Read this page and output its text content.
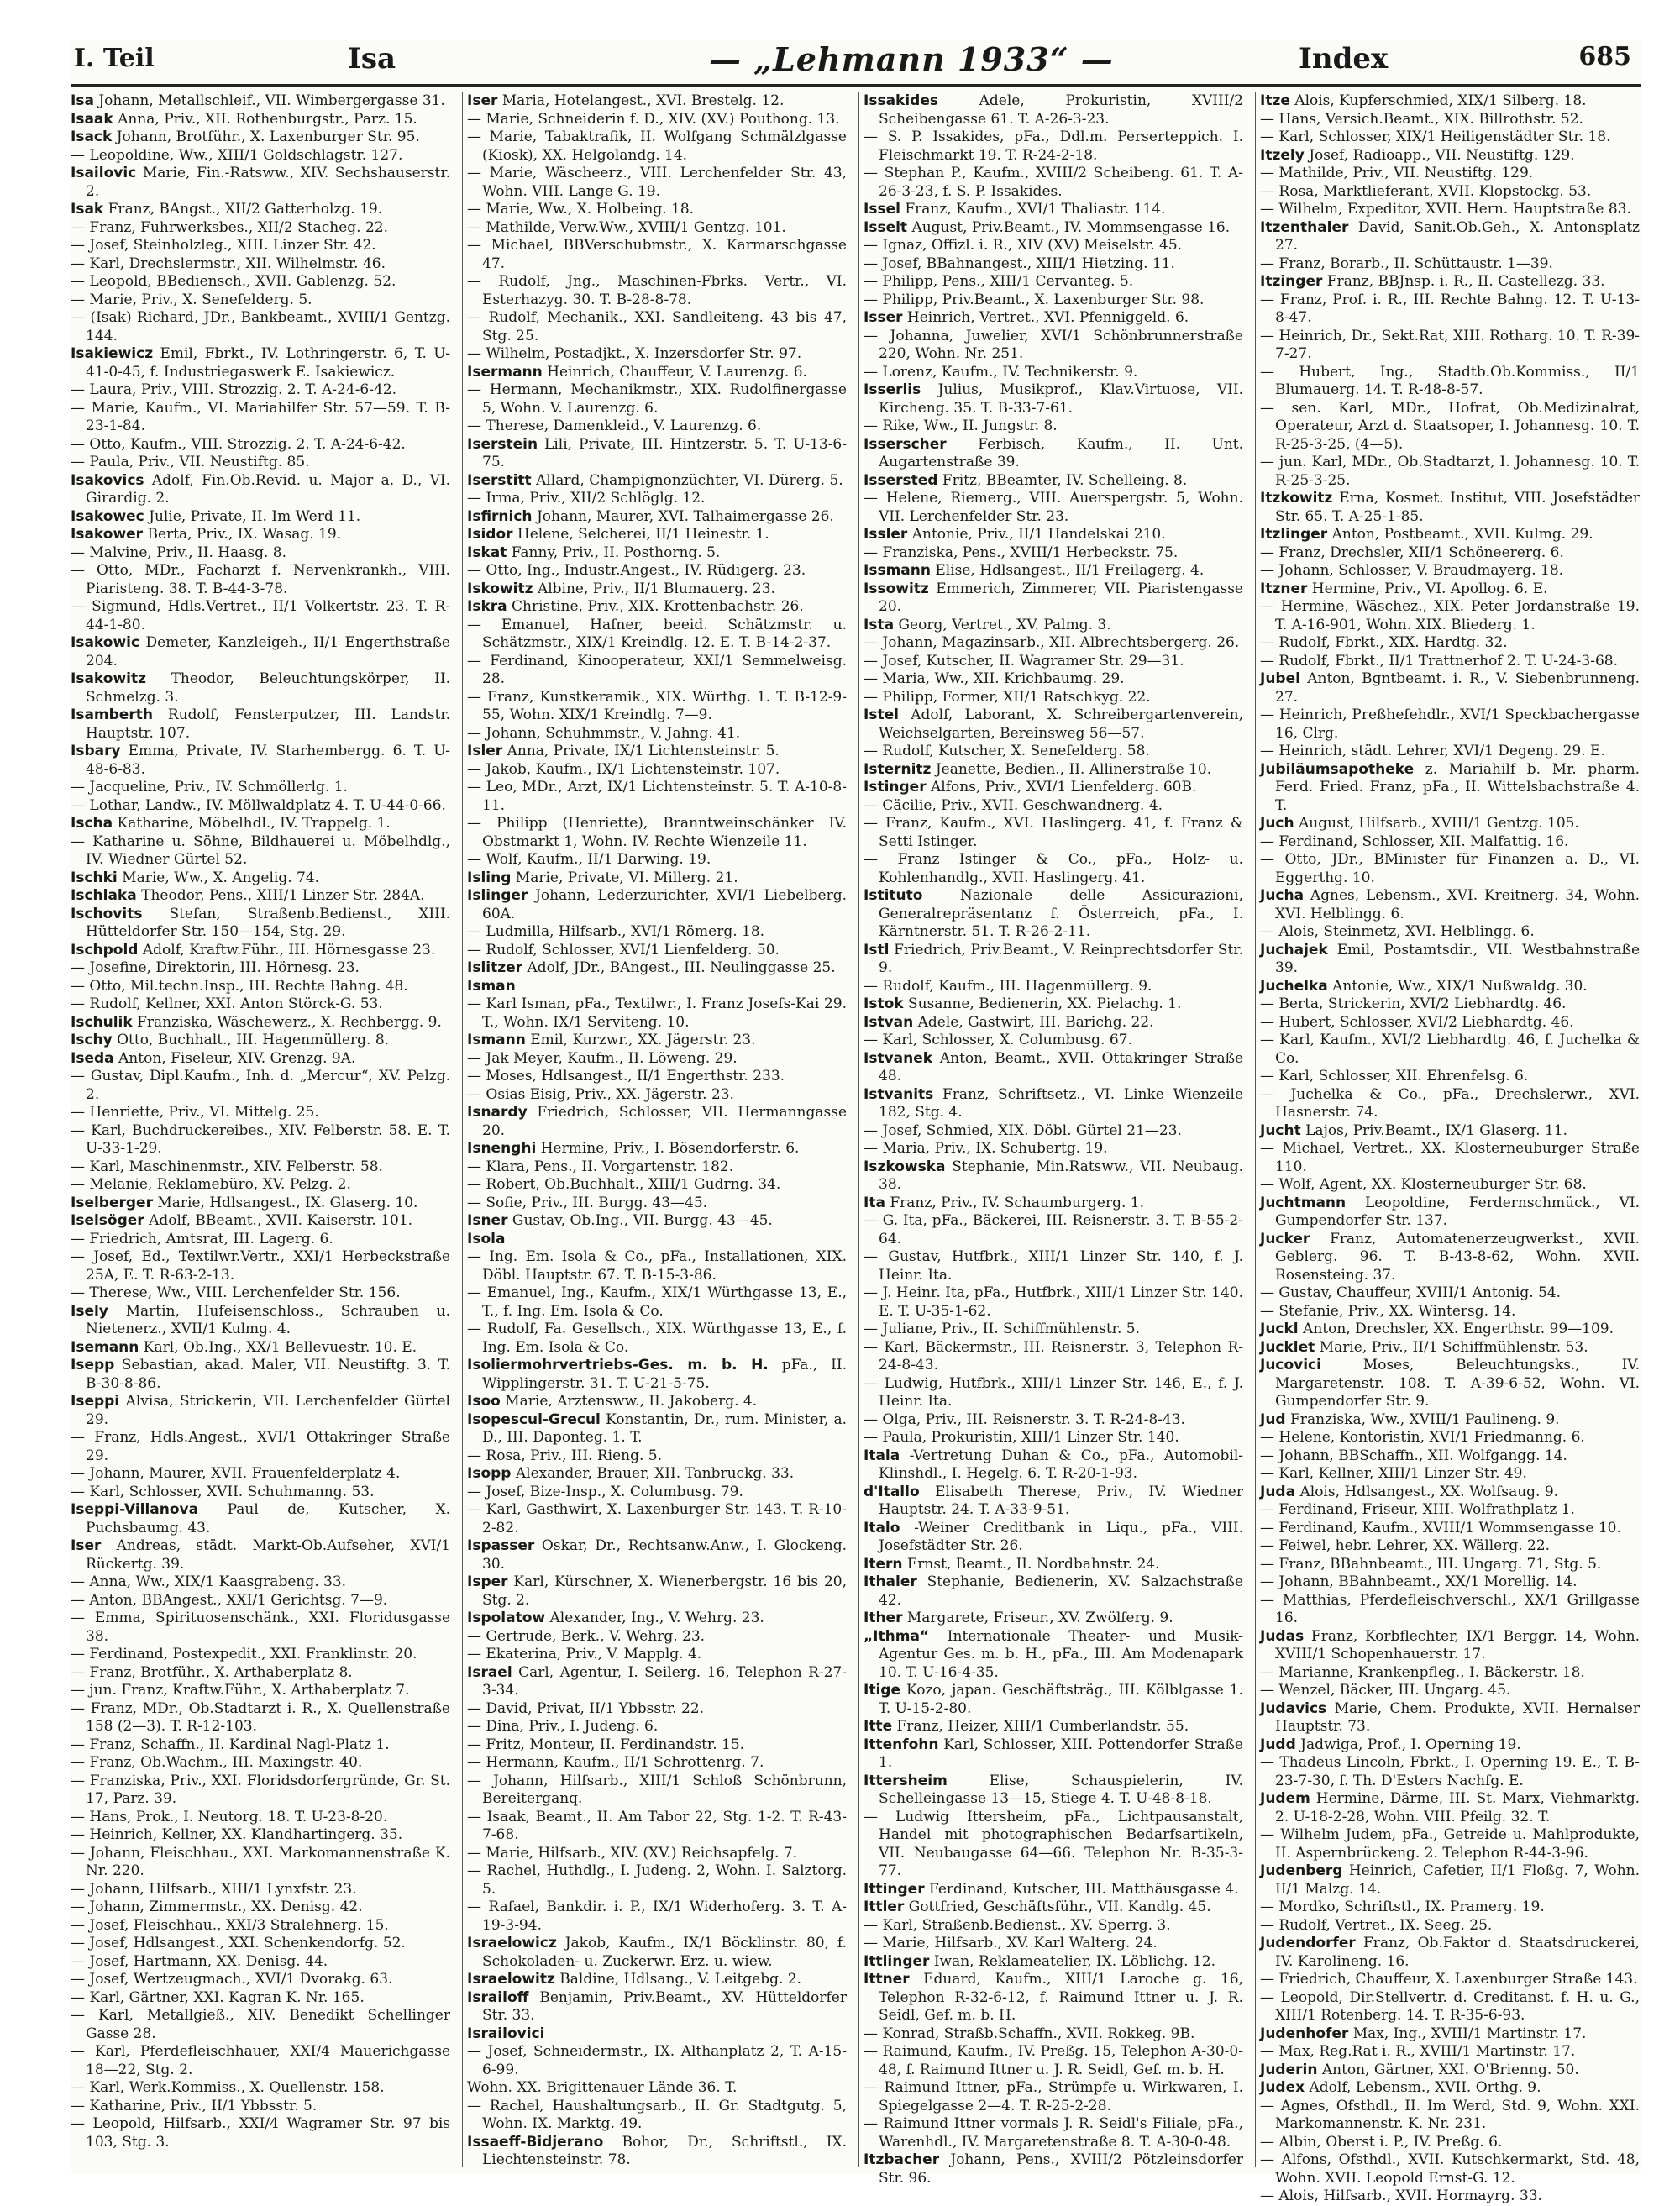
I. Teil	Isa	— „Lehmann 1933“ —	Index	685

Isa Johann, Metallschleif., VII. Wimbergergasse 31.

Isaak Anna, Priv., XII. Rothenburgstr., Parz. 15.

Isack Johann, Brotführ., X. Laxenburger Str. 95.

— Leopoldine, Ww., XIII/1 Goldschlagstr. 127.

Isailovic Marie, Fin.-Ratsww., XIV. Sechshauserstr. 2.

Isak Franz, BAngst., XII/2 Gatterholzg. 19.

— Franz, Fuhrwerksbes., XII/2 Stacheg. 22.

— Josef, Steinholzleg., XIII. Linzer Str. 42.

— Karl, Drechslermstr., XII. Wilhelmstr. 46.

— Leopold, BBediensch., XVII. Gablenzg. 52.

— Marie, Priv., X. Senefelderg. 5.

— (Isak) Richard, JDr., Bankbeamt., XVIII/1 Gentzg. 144.

Isakiewicz Emil, Fbrkt., IV. Lothringerstr. 6, T. U-41-0-45, f. Industriegaswerk E. Isakiewicz.

— Laura, Priv., VIII. Strozzig. 2. T. A-24-6-42.

— Marie, Kaufm., VI. Mariahilfer Str. 57—59. T. B-23-1-84.

— Otto, Kaufm., VIII. Strozzig. 2. T. A-24-6-42.

— Paula, Priv., VII. Neustiftg. 85.

Isakovics Adolf, Fin.Ob.Revid. u. Major a. D., VI. Girardig. 2.

Isakowec Julie, Private, II. Im Werd 11.

Isakower Berta, Priv., IX. Wasag. 19.

— Malvine, Priv., II. Haasg. 8.

— Otto, MDr., Facharzt f. Nervenkrankh., VIII. Piaristeng. 38. T. B-44-3-78.

— Sigmund, Hdls.Vertret., II/1 Volkertstr. 23. T. R-44-1-80.

Isakowic Demeter, Kanzleigeh., II/1 Engerthstraße 204.

Isakowitz Theodor, Beleuchtungskörper, II. Schmelzg. 3.

Isamberth Rudolf, Fensterputzer, III. Landstr. Hauptstr. 107.

Isbary Emma, Private, IV. Starhembergg. 6. T. U-48-6-83.

— Jacqueline, Priv., IV. Schmöllerlg. 1.

— Lothar, Landw., IV. Möllwaldplatz 4. T. U-44-0-66.

Ischa Katharine, Möbelhdl., IV. Trappelg. 1.

— Katharine u. Söhne, Bildhauerei u. Möbelhdlg., IV. Wiedner Gürtel 52.

Ischki Marie, Ww., X. Angelig. 74.

Ischlaka Theodor, Pens., XIII/1 Linzer Str. 284A.

Ischovits Stefan, Straßenb.Bedienst., XIII. Hütteldorfer Str. 150—154, Stg. 29.

Ischpold Adolf, Kraftw.Führ., III. Hörnesgasse 23.

— Josefine, Direktorin, III. Hörnesg. 23.

— Otto, Mil.techn.Insp., III. Rechte Bahng. 48.

— Rudolf, Kellner, XXI. Anton Störck-G. 53.

Ischulik Franziska, Wäschewerz., X. Rechbergg. 9.

Ischy Otto, Buchhalt., III. Hagenmüllerg. 8.

Iseda Anton, Fiseleur, XIV. Grenzg. 9A.

— Gustav, Dipl.Kaufm., Inh. d. „Mercur“, XV. Pelzg. 2.

— Henriette, Priv., VI. Mittelg. 25.

— Karl, Buchdruckereibes., XIV. Felberstr. 58. E. T. U-33-1-29.

— Karl, Maschinenmstr., XIV. Felberstr. 58.

— Melanie, Reklamebüro, XV. Pelzg. 2.

Iselberger Marie, Hdlsangest., IX. Glaserg. 10.

Iselsöger Adolf, BBeamt., XVII. Kaiserstr. 101.

— Friedrich, Amtsrat, III. Lagerg. 6.

— Josef, Ed., Textilwr.Vertr., XXI/1 Herbeckstraße 25A, E. T. R-63-2-13.

— Therese, Ww., VIII. Lerchenfelder Str. 156.

Isely Martin, Hufeisenschloss., Schrauben u. Nietenerz., XVII/1 Kulmg. 4.

Isemann Karl, Ob.Ing., XX/1 Bellevuestr. 10. E.

Isepp Sebastian, akad. Maler, VII. Neustiftg. 3. T. B-30-8-86.

Iseppi Alvisa, Strickerin, VII. Lerchenfelder Gürtel 29.

— Franz, Hdls.Angest., XVI/1 Ottakringer Straße 29.

— Johann, Maurer, XVII. Frauenfelderplatz 4.

— Karl, Schlosser, XVII. Schuhmanng. 53.

Iseppi-Villanova Paul de, Kutscher, X. Puchsbaumg. 43.

Iser Andreas, städt. Markt-Ob.Aufseher, XVI/1 Rückertg. 39.

— Anna, Ww., XIX/1 Kaasgrabeng. 33.

— Anton, BBAngest., XXI/1 Gerichtsg. 7—9.

— Emma, Spirituosenschänk., XXI. Floridusgasse 38.

— Ferdinand, Postexpedit., XXI. Franklinstr. 20.

— Franz, Brotführ., X. Arthaberplatz 8.

— jun. Franz, Kraftw.Führ., X. Arthaberplatz 7.

— Franz, MDr., Ob.Stadtarzt i. R., X. Quellenstraße 158 (2—3). T. R-12-103.

— Franz, Schaffn., II. Kardinal Nagl-Platz 1.

— Franz, Ob.Wachm., III. Maxingstr. 40.

— Franziska, Priv., XXI. Floridsdorfergründe, Gr. St. 17, Parz. 39.

— Hans, Prok., I. Neutorg. 18. T. U-23-8-20.

— Heinrich, Kellner, XX. Klandhartingerg. 35.

— Johann, Fleischhau., XXI. Markomannenstraße K. Nr. 220.

— Johann, Hilfsarb., XIII/1 Lynxfstr. 23.

— Johann, Zimmermstr., XX. Denisg. 42.

— Josef, Fleischhau., XXI/3 Stralehnerg. 15.

— Josef, Hdlsangest., XXI. Schenkendorfg. 52.

— Josef, Hartmann, XX. Denisg. 44.

— Josef, Wertzeugmach., XVI/1 Dvorakg. 63.

— Karl, Gärtner, XXI. Kagran K. Nr. 165.

— Karl, Metallgieß., XIV. Benedikt Schellinger Gasse 28.

— Karl, Pferdefleischhauer, XXI/4 Mauerichgasse 18—22, Stg. 2.

— Karl, Werk.Kommiss., X. Quellenstr. 158.

— Katharine, Priv., II/1 Ybbsstr. 5.

— Leopold, Hilfsarb., XXI/4 Wagramer Str. 97 bis 103, Stg. 3.

Iser Maria, Hotelangest., XVI. Brestelg. 12.

— Marie, Schneiderin f. D., XIV. (XV.) Pouthong. 13.

— Marie, Tabaktrafik, II. Wolfgang Schmälzlgasse (Kiosk), XX. Helgolandg. 14.

— Marie, Wäscheerz., VIII. Lerchenfelder Str. 43, Wohn. VIII. Lange G. 19.

— Marie, Ww., X. Holbeing. 18.

— Mathilde, Verw.Ww., XVIII/1 Gentzg. 101.

— Michael, BBVerschubmstr., X. Karmarschgasse 47.

— Rudolf, Jng., Maschinen-Fbrks. Vertr., VI. Esterhazyg. 30. T. B-28-8-78.

— Rudolf, Mechanik., XXI. Sandleiteng. 43 bis 47, Stg. 25.

— Wilhelm, Postadjkt., X. Inzersdorfer Str. 97.

Isermann Heinrich, Chauffeur, V. Laurenzg. 6.

— Hermann, Mechanikmstr., XIX. Rudolfinergasse 5, Wohn. V. Laurenzg. 6.

— Therese, Damenkleid., V. Laurenzg. 6.

Iserstein Lili, Private, III. Hintzerstr. 5. T. U-13-6-75.

Iserstitt Allard, Champignonzüchter, VI. Dürerg. 5.

— Irma, Priv., XII/2 Schlöglg. 12.

Isfirnich Johann, Maurer, XVI. Talhaimergasse 26.

Isidor Helene, Selcherei, II/1 Heinestr. 1.

Iskat Fanny, Priv., II. Posthorng. 5.

— Otto, Ing., Industr.Angest., IV. Rüdigerg. 23.

Iskowitz Albine, Priv., II/1 Blumauerg. 23.

Iskra Christine, Priv., XIX. Krottenbachstr. 26.

— Emanuel, Hafner, beeid. Schätzmstr. u. Schätzmstr., XIX/1 Kreindlg. 12. E. T. B-14-2-37.

— Ferdinand, Kinooperateur, XXI/1 Semmelweisg. 28.

— Franz, Kunstkeramik., XIX. Würthg. 1. T. B-12-9-55, Wohn. XIX/1 Kreindlg. 7—9.

— Johann, Schuhmmstr., V. Jahng. 41.

Isler Anna, Private, IX/1 Lichtensteinstr. 5.

— Jakob, Kaufm., IX/1 Lichtensteinstr. 107.

— Leo, MDr., Arzt, IX/1 Lichtensteinstr. 5. T. A-10-8-11.

— Philipp (Henriette), Branntweinschänker IV. Obstmarkt 1, Wohn. IV. Rechte Wienzeile 11.

— Wolf, Kaufm., II/1 Darwing. 19.

Isling Marie, Private, VI. Millerg. 21.

Islinger Johann, Lederzurichter, XVI/1 Liebelberg. 60A.

— Ludmilla, Hilfsarb., XVI/1 Römerg. 18.

— Rudolf, Schlosser, XVI/1 Lienfelderg. 50.

Islitzer Adolf, JDr., BAngest., III. Neulinggasse 25.

Isman

— Karl Isman, pFa., Textilwr., I. Franz Josefs-Kai 29. T., Wohn. IX/1 Serviteng. 10.

Ismann Emil, Kurzwr., XX. Jägerstr. 23.

— Jak Meyer, Kaufm., II. Löweng. 29.

— Moses, Hdlsangest., II/1 Engerthstr. 233.

— Osias Eisig, Priv., XX. Jägerstr. 23.

Isnardy Friedrich, Schlosser, VII. Hermanngasse 20.

Isnenghi Hermine, Priv., I. Bösendorferstr. 6.

— Klara, Pens., II. Vorgartenstr. 182.

— Robert, Ob.Buchhalt., XIII/1 Gudrng. 34.

— Sofie, Priv., III. Burgg. 43—45.

Isner Gustav, Ob.Ing., VII. Burgg. 43—45.

Isola

— Ing. Em. Isola & Co., pFa., Installationen, XIX. Döbl. Hauptstr. 67. T. B-15-3-86.

— Emanuel, Ing., Kaufm., XIX/1 Würthgasse 13, E., T., f. Ing. Em. Isola & Co.

— Rudolf, Fa. Gesellsch., XIX. Würthgasse 13, E., f. Ing. Em. Isola & Co.

Isoliermohrvertriebs-Ges. m. b. H. pFa., II. Wipplingerstr. 31. T. U-21-5-75.

Isoo Marie, Arztensww., II. Jakoberg. 4.

Isopescul-Grecul Konstantin, Dr., rum. Minister, a. D., III. Daponteg. 1. T.

— Rosa, Priv., III. Rieng. 5.

Isopp Alexander, Brauer, XII. Tanbruckg. 33.

— Josef, Bize-Insp., X. Columbusg. 79.

— Karl, Gasthwirt, X. Laxenburger Str. 143. T. R-10-2-82.

Ispasser Oskar, Dr., Rechtsanw.Anw., I. Glockeng. 30.

Isper Karl, Kürschner, X. Wienerbergstr. 16 bis 20, Stg. 2.

Ispolatow Alexander, Ing., V. Wehrg. 23.

— Gertrude, Berk., V. Wehrg. 23.

— Ekaterina, Priv., V. Mapplg. 4.

Israel Carl, Agentur, I. Seilerg. 16, Telephon R-27-3-34.

— David, Privat, II/1 Ybbsstr. 22.

— Dina, Priv., I. Judeng. 6.

— Fritz, Monteur, II. Ferdinandstr. 15.

— Hermann, Kaufm., II/1 Schrottenrg. 7.

— Johann, Hilfsarb., XIII/1 Schloß Schönbrunn, Bereiterganq.

— Isaak, Beamt., II. Am Tabor 22, Stg. 1-2. T. R-43-7-68.

— Marie, Hilfsarb., XIV. (XV.) Reichsapfelg. 7.

— Rachel, Huthdlg., I. Judeng. 2, Wohn. I. Salztorg. 5.

— Rafael, Bankdir. i. P., IX/1 Widerhoferg. 3. T. A-19-3-94.

Israelowicz Jakob, Kaufm., IX/1 Böcklinstr. 80, f. Schokoladen- u. Zuckerwr. Erz. u. wiew.

Israelowitz Baldine, Hdlsang., V. Leitgebg. 2.

Israiloff Benjamin, Priv.Beamt., XV. Hütteldorfer Str. 33.

Israilovici

— Josef, Schneidermstr., IX. Althanplatz 2, T. A-15-6-99.

Wohn. XX. Brigittenauer Lände 36. T.

— Rachel, Haushaltungsarb., II. Gr. Stadtgutg. 5, Wohn. IX. Marktg. 49.

Issaeff-Bidjerano Bohor, Dr., Schriftstl., IX. Liechtensteinstr. 78.

Issakides	Adele, Prokuristin, XVIII/2 Scheibengasse 61. T. A-26-3-23.

— S. P. Issakides, pFa., Ddl.m. Perserteppich. I. Fleischmarkt 19. T. R-24-2-18.

— Stephan P., Kaufm., XVIII/2 Scheibeng. 61. T. A-26-3-23, f. S. P. Issakides.

Issel Franz, Kaufm., XVI/1 Thaliastr. 114.

Isselt August, Priv.Beamt., IV. Mommsengasse 16.

— Ignaz, Offizl. i. R., XIV (XV) Meiselstr. 45.

— Josef, BBahnangest., XIII/1 Hietzing. 11.

— Philipp, Pens., XIII/1 Cervanteg. 5.

— Philipp, Priv.Beamt., X. Laxenburger Str. 98.

Isser Heinrich, Vertret., XVI. Pfenniggeld. 6.

— Johanna, Juwelier, XVI/1 Schönbrunnerstraße 220, Wohn. Nr. 251.

— Lorenz, Kaufm., IV. Technikerstr. 9.

Isserlis Julius, Musikprof., Klav.Virtuose, VII. Kircheng. 35. T. B-33-7-61.

— Rike, Ww., II. Jungstr. 8.

Isserscher Ferbisch, Kaufm., II. Unt. Augartenstraße 39.

Issersted Fritz, BBeamter, IV. Schelleing. 8.

— Helene, Riemerg., VIII. Auerspergstr. 5, Wohn. VII. Lerchenfelder Str. 23.

Issler Antonie, Priv., II/1 Handelskai 210.

— Franziska, Pens., XVIII/1 Herbeckstr. 75.

Issmann Elise, Hdlsangest., II/1 Freilagerg. 4.

Issowitz Emmerich, Zimmerer, VII. Piaristengasse 20.

Ista Georg, Vertret., XV. Palmg. 3.

— Johann, Magazinsarb., XII. Albrechtsbergerg. 26.

— Josef, Kutscher, II. Wagramer Str. 29—31.

— Maria, Ww., XII. Krichbaumg. 29.

— Philipp, Former, XII/1 Ratschkyg. 22.

Istel Adolf, Laborant, X. Schreibergartenverein, Weichselgarten, Bereinsweg 56—57.

— Rudolf, Kutscher, X. Senefelderg. 58.

Isternitz Jeanette, Bedien., II. Allinerstraße 10.

Istinger Alfons, Priv., XVI/1 Lienfelderg. 60B.

— Cäcilie, Priv., XVII. Geschwandnerg. 4.

— Franz, Kaufm., XVI. Haslingerg. 41, f. Franz & Setti Istinger.

— Franz Istinger & Co., pFa., Holz- u. Kohlenhandlg., XVII. Haslingerg. 41.

Istituto	Nazionale delle Assicurazioni, Generalrepräsentanz f. Österreich, pFa., I. Kärntnerstr. 51. T. R-26-2-11.

Istl Friedrich, Priv.Beamt., V. Reinprechtsdorfer Str. 9.

— Rudolf, Kaufm., III. Hagenmüllerg. 9.

Istok Susanne, Bedienerin, XX. Pielachg. 1.

Istvan Adele, Gastwirt, III. Barichg. 22.

— Karl, Schlosser, X. Columbusg. 67.

Istvanek Anton, Beamt., XVII. Ottakringer Straße 48.

Istvanits Franz, Schriftsetz., VI. Linke Wienzeile 182, Stg. 4.

— Josef, Schmied, XIX. Döbl. Gürtel 21—23.

— Maria, Priv., IX. Schubertg. 19.

Iszkowska Stephanie, Min.Ratsww., VII. Neubaug. 38.

Ita Franz, Priv., IV. Schaumburgerg. 1.

— G. Ita, pFa., Bäckerei, III. Reisnerstr. 3. T. B-55-2-64.

— Gustav, Hutfbrk., XIII/1 Linzer Str. 140, f. J. Heinr. Ita.

— J. Heinr. Ita, pFa., Hutfbrk., XIII/1 Linzer Str. 140. E. T. U-35-1-62.

— Juliane, Priv., II. Schiffmühlenstr. 5.

— Karl, Bäckermstr., III. Reisnerstr. 3, Telephon R-24-8-43.

— Ludwig, Hutfbrk., XIII/1 Linzer Str. 146, E., f. J. Heinr. Ita.

— Olga, Priv., III. Reisnerstr. 3. T. R-24-8-43.

— Paula, Prokuristin, XIII/1 Linzer Str. 140.

Itala -Vertretung Duhan & Co., pFa., Automobil-Klinshdl., I. Hegelg. 6. T. R-20-1-93.

d'Itallo Elisabeth Therese, Priv., IV. Wiedner Hauptstr. 24. T. A-33-9-51.

Italo -Weiner Creditbank in Liqu., pFa., VIII. Josefstädter Str. 26.

Itern Ernst, Beamt., II. Nordbahnstr. 24.

Ithaler Stephanie, Bedienerin, XV. Salzachstraße 42.

Ither Margarete, Friseur., XV. Zwölferg. 9.

„Ithma“ Internationale Theater- und Musik-Agentur Ges. m. b. H., pFa., III. Am Modenapark 10. T. U-16-4-35.

Itige Kozo, japan. Geschäftsträg., III. Kölblgasse 1. T. U-15-2-80.

Itte Franz, Heizer, XIII/1 Cumberlandstr. 55.

Ittenfohn Karl, Schlosser, XIII. Pottendorfer Straße 1.

Ittersheim	Elise, Schauspielerin, IV. Schelleingasse 13—15, Stiege 4. T. U-48-8-18.

— Ludwig Ittersheim, pFa., Lichtpausanstalt, Handel mit photographischen Bedarfsartikeln, VII. Neubaugasse 64—66. Telephon Nr. B-35-3-77.

Ittinger Ferdinand, Kutscher, III. Matthäusgasse 4.

Ittler Gottfried, Geschäftsführ., VII. Kandlg. 45.

— Karl, Straßenb.Bedienst., XV. Sperrg. 3.

— Marie, Hilfsarb., XV. Karl Walterg. 24.

Ittlinger Iwan, Reklameatelier, IX. Löblichg. 12.

Ittner Eduard, Kaufm., XIII/1 Laroche g. 16, Telephon R-32-6-12, f. Raimund Ittner u. J. R. Seidl, Gef. m. b. H.

— Konrad, Straßb.Schaffn., XVII. Rokkeg. 9B.

— Raimund, Kaufm., IV. Preßg. 15, Telephon A-30-0-48, f. Raimund Ittner u. J. R. Seidl, Gef. m. b. H.

— Raimund Ittner, pFa., Strümpfe u. Wirkwaren, I. Spiegelgasse 2—4. T. R-25-2-28.

— Raimund Ittner vormals J. R. Seidl's Filiale, pFa., Warenhdl., IV. Margaretenstraße 8. T. A-30-0-48.

Itzbacher Johann, Pens., XVIII/2 Pötzleinsdorfer Str. 96.

Itze Alois, Kupferschmied, XIX/1 Silberg. 18.

— Hans, Versich.Beamt., XIX. Billrothstr. 52.

— Karl, Schlosser, XIX/1 Heiligenstädter Str. 18.

Itzely Josef, Radioapp., VII. Neustiftg. 129.

— Mathilde, Priv., VII. Neustiftg. 129.

— Rosa, Marktlieferant, XVII. Klopstockg. 53.

— Wilhelm, Expeditor, XVII. Hern. Hauptstraße 83.

Itzenthaler David, Sanit.Ob.Geh., X. Antonsplatz 27.

— Franz, Borarb., II. Schüttaustr. 1—39.

Itzinger Franz, BBJnsp. i. R., II. Castellezg. 33.

— Franz, Prof. i. R., III. Rechte Bahng. 12. T. U-13-8-47.

— Heinrich, Dr., Sekt.Rat, XIII. Rotharg. 10. T. R-39-7-27.

— Hubert, Ing., Stadtb.Ob.Kommiss., II/1 Blumauerg. 14. T. R-48-8-57.

— sen. Karl, MDr., Hofrat, Ob.Medizinalrat, Operateur, Arzt d. Staatsoper, I. Johannesg. 10. T. R-25-3-25, (4—5).

— jun. Karl, MDr., Ob.Stadtarzt, I. Johannesg. 10. T. R-25-3-25.

Itzkowitz Erna, Kosmet. Institut, VIII. Josefstädter Str. 65. T. A-25-1-85.

Itzlinger Anton, Postbeamt., XVII. Kulmg. 29.

— Franz, Drechsler, XII/1 Schöneererg. 6.

— Johann, Schlosser, V. Braudmayerg. 18.

Itzner Hermine, Priv., VI. Apollog. 6. E.

— Hermine, Wäschez., XIX. Peter Jordanstraße 19. T. A-16-901, Wohn. XIX. Bliederg. 1.

— Rudolf, Fbrkt., XIX. Hardtg. 32.

— Rudolf, Fbrkt., II/1 Trattnerhof 2. T. U-24-3-68.

Jubel Anton, Bgntbeamt. i. R., V. Siebenbrunneng. 27.

— Heinrich, Preßhefehdlr., XVI/1 Speckbachergasse 16, Clrg.

— Heinrich, städt. Lehrer, XVI/1 Degeng. 29. E.

Jubiläumsapotheke z. Mariahilf b. Mr. pharm. Ferd. Fried. Franz, pFa., II. Wittelsbachstraße 4. T.

Juch August, Hilfsarb., XVIII/1 Gentzg. 105.

— Ferdinand, Schlosser, XII. Malfattig. 16.

— Otto, JDr., BMinister für Finanzen a. D., VI. Eggerthg. 10.

Jucha Agnes, Lebensm., XVI. Kreitnerg. 34, Wohn. XVI. Helblingg. 6.

— Alois, Steinmetz, XVI. Helblingg. 6.

Juchajek Emil, Postamtsdir., VII. Westbahnstraße 39.

Juchelka Antonie, Ww., XIX/1 Nußwaldg. 30.

— Berta, Strickerin, XVI/2 Liebhardtg. 46.

— Hubert, Schlosser, XVI/2 Liebhardtg. 46.

— Karl, Kaufm., XVI/2 Liebhardtg. 46, f. Juchelka & Co.

— Karl, Schlosser, XII. Ehrenfelsg. 6.

— Juchelka & Co., pFa., Drechslerwr., XVI. Hasnerstr. 74.

Jucht Lajos, Priv.Beamt., IX/1 Glaserg. 11.

— Michael, Vertret., XX. Klosterneuburger Straße 110.

— Wolf, Agent, XX. Klosterneuburger Str. 68.

Juchtmann Leopoldine, Ferdernschmück., VI. Gumpendorfer Str. 137.

Jucker Franz, Automatenerzeugwerkst., XVII. Geblerg. 96. T. B-43-8-62, Wohn. XVII. Rosensteing. 37.

— Gustav, Chauffeur, XVIII/1 Antonig. 54.

— Stefanie, Priv., XX. Wintersg. 14.

Juckl Anton, Drechsler, XX. Engerthstr. 99—109.

Jucklet Marie, Priv., II/1 Schiffmühlenstr. 53.

Jucovici	Moses, Beleuchtungsks., IV. Margaretenstr. 108. T. A-39-6-52, Wohn. VI. Gumpendorfer Str. 9.

Jud Franziska, Ww., XVIII/1 Paulineng. 9.

— Helene, Kontoristin, XVI/1 Friedmanng. 6.

— Johann, BBSchaffn., XII. Wolfgangg. 14.

— Karl, Kellner, XIII/1 Linzer Str. 49.

Juda Alois, Hdlsangest., XX. Wolfsaug. 9.

— Ferdinand, Friseur, XIII. Wolfrathplatz 1.

— Ferdinand, Kaufm., XVIII/1 Wommsengasse 10.

— Feiwel, hebr. Lehrer, XX. Wällerg. 22.

— Franz, BBahnbeamt., III. Ungarg. 71, Stg. 5.

— Johann, BBahnbeamt., XX/1 Morellig. 14.

— Matthias, Pferdefleischverschl., XX/1 Grillgasse 16.

Judas Franz, Korbflechter, IX/1 Berggr. 14, Wohn. XVIII/1 Schopenhauerstr. 17.

— Marianne, Krankenpfleg., I. Bäckerstr. 18.

— Wenzel, Bäcker, III. Ungarg. 45.

Judavics Marie, Chem. Produkte, XVII. Hernalser Hauptstr. 73.

Judd Jadwiga, Prof., I. Operning 19.

— Thadeus Lincoln, Fbrkt., I. Operning 19. E., T. B-23-7-30, f. Th. D'Esters Nachfg. E.

Judem Hermine, Därme, III. St. Marx, Viehmarktg. 2. U-18-2-28, Wohn. VIII. Pfeilg. 32. T.

— Wilhelm Judem, pFa., Getreide u. Mahlprodukte, II. Aspernbrückeng. 2. Telephon R-44-3-96.

Judenberg Heinrich, Cafetier, II/1 Floßg. 7, Wohn. II/1 Malzg. 14.

— Mordko, Schriftstl., IX. Pramerg. 19.

— Rudolf, Vertret., IX. Seeg. 25.

Judendorfer Franz, Ob.Faktor d. Staatsdruckerei, IV. Karolineng. 16.

— Friedrich, Chauffeur, X. Laxenburger Straße 143.

— Leopold, Dir.Stellvertr. d. Creditanst. f. H. u. G., XIII/1 Rotenberg. 14. T. R-35-6-93.

Judenhofer Max, Ing., XVIII/1 Martinstr. 17.

— Max, Reg.Rat i. R., XVIII/1 Martinstr. 17.

Juderin Anton, Gärtner, XXI. O'Brienng. 50.

Judex Adolf, Lebensm., XVII. Orthg. 9.

— Agnes, Ofsthdl., II. Im Werd, Std. 9, Wohn. XXI. Markomannenstr. K. Nr. 231.

— Albin, Oberst i. P., IV. Preßg. 6.

— Alfons, Ofsthdl., XVII. Kutschkermarkt, Std. 48, Wohn. XVII. Leopold Ernst-G. 12.

— Alois, Hilfsarb., XVII. Hormayrg. 33.
